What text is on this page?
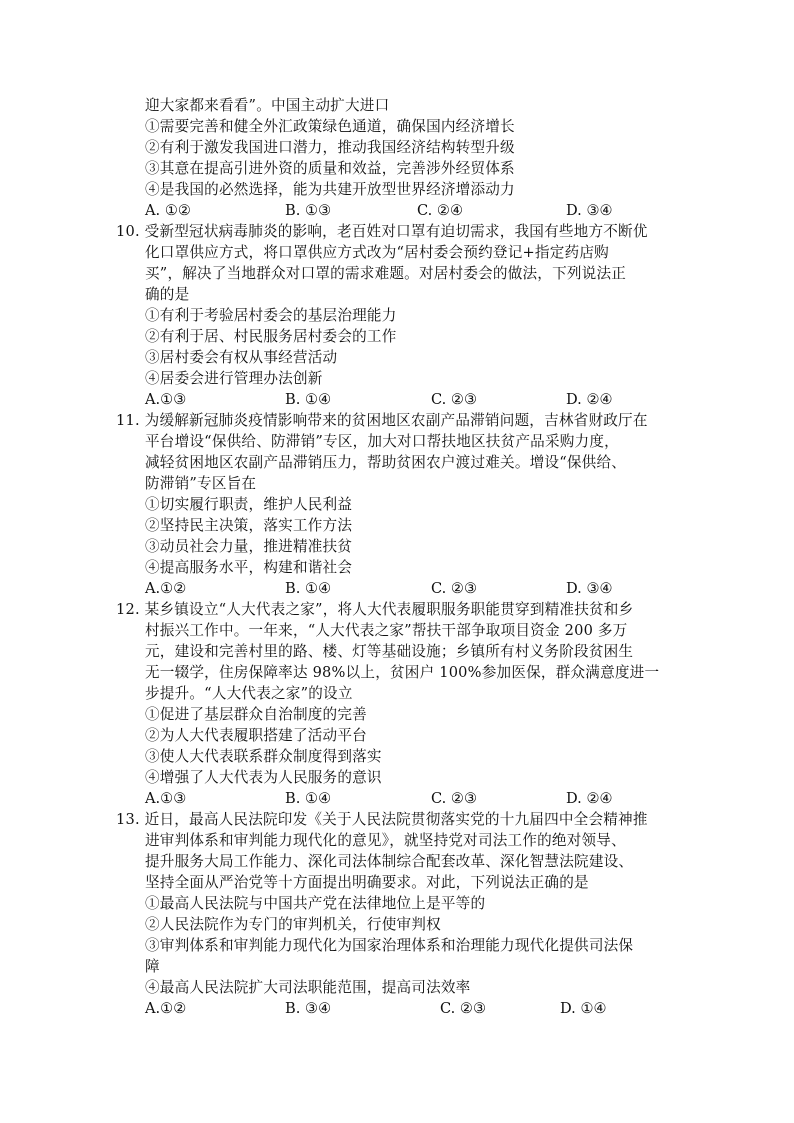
迎大家都来看看”。中国主动扩大进口
①需要完善和健全外汇政策绿色通道，确保国内经济增长
②有利于激发我国进口潜力，推动我国经济结构转型升级
③其意在提高引进外资的质量和效益，完善涉外经贸体系
④是我国的必然选择，能为共建开放型世界经济增添动力
A. ①②	B. ①③	C. ②④	D. ③④
10. 受新型冠状病毒肺炎的影响，老百姓对口罩有迫切需求，我国有些地方不断优
化口罩供应方式，将口罩供应方式改为“居村委会预约登记+指定药店购
买”，解决了当地群众对口罩的需求难题。对居村委会的做法，下列说法正
确的是
①有利于考验居村委会的基层治理能力
②有利于居、村民服务居村委会的工作
③居村委会有权从事经营活动
④居委会进行管理办法创新
A.①③	B. ①④	C. ②③	D. ②④
11. 为缓解新冠肺炎疫情影响带来的贫困地区农副产品滞销问题，吉林省财政厅在
平台增设“保供给、防滞销”专区，加大对口帮扶地区扶贫产品采购力度，
减轻贫困地区农副产品滞销压力，帮助贫困农户渡过难关。增设“保供给、
防滞销”专区旨在
①切实履行职责，维护人民利益
②坚持民主决策，落实工作方法
③动员社会力量，推进精准扶贫
④提高服务水平，构建和谐社会
A.①②	B. ①④	C. ②③	D. ③④
12. 某乡镇设立“人大代表之家”，将人大代表履职服务职能贯穿到精准扶贫和乡
村振兴工作中。一年来，“人大代表之家”帮扶干部争取项目资金 200 多万
元，建设和完善村里的路、楼、灯等基础设施；乡镇所有村义务阶段贫困生
无一辍学，住房保障率达 98%以上，贫困户 100%参加医保，群众满意度进一
步提升。“人大代表之家”的设立
①促进了基层群众自治制度的完善
②为人大代表履职搭建了活动平台
③使人大代表联系群众制度得到落实
④增强了人大代表为人民服务的意识
A.①③	B. ①④	C. ②③	D. ②④
13. 近日，最高人民法院印发《关于人民法院贯彻落实党的十九届四中全会精神推
进审判体系和审判能力现代化的意见》，就坚持党对司法工作的绝对领导、
提升服务大局工作能力、深化司法体制综合配套改革、深化智慧法院建设、
坚持全面从严治党等十方面提出明确要求。对此，下列说法正确的是
①最高人民法院与中国共产党在法律地位上是平等的
②人民法院作为专门的审判机关，行使审判权
③审判体系和审判能力现代化为国家治理体系和治理能力现代化提供司法保
障
④最高人民法院扩大司法职能范围，提高司法效率
A.①②	B. ③④	C. ②③	D. ①④
